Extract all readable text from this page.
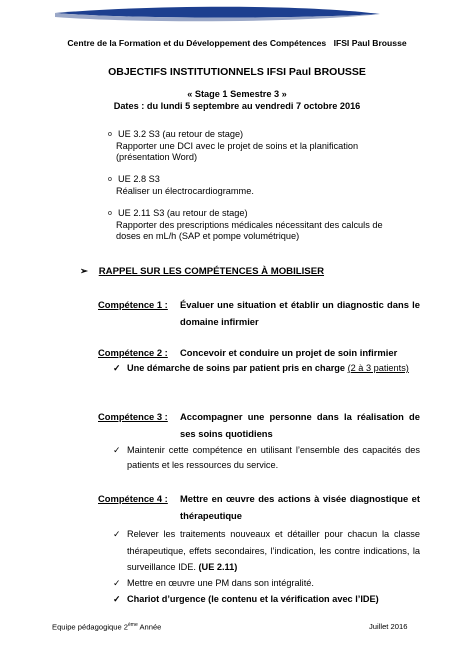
Centre de la Formation et du Développement des Compétences IFSI Paul Brousse
OBJECTIFS INSTITUTIONNELS IFSI Paul BROUSSE
« Stage 1 Semestre 3 »
Dates : du lundi 5 septembre au vendredi 7 octobre 2016
o UE 3.2 S3 (au retour de stage)
Rapporter une DCI avec le projet de soins et la planification
(présentation Word)
o UE 2.8 S3
Réaliser un électrocardiogramme.
o UE 2.11 S3 (au retour de stage)
Rapporter des prescriptions médicales nécessitant des calculs de
doses en mL/h (SAP et pompe volumétrique)
➢ RAPPEL SUR LES COMPÉTENCES À MOBILISER
Compétence 1 : Évaluer une situation et établir un diagnostic dans le domaine infirmier
Compétence 2 : Concevoir et conduire un projet de soin infirmier
✓ Une démarche de soins par patient pris en charge (2 à 3 patients)
Compétence 3 : Accompagner une personne dans la réalisation de ses soins quotidiens
✓ Maintenir cette compétence en utilisant l’ensemble des capacités des patients et les ressources du service.
Compétence 4 : Mettre en œuvre des actions à visée diagnostique et thérapeutique
✓ Relever les traitements nouveaux et détailler pour chacun la classe thérapeutique, effets secondaires, l’indication, les contre indications, la surveillance IDE. (UE 2.11)
✓ Mettre en œuvre une PM dans son intégralité.
✓ Chariot d’urgence (le contenu et la vérification avec l’IDE)
Equipe pédagogique 2ème Année	Juillet 2016
